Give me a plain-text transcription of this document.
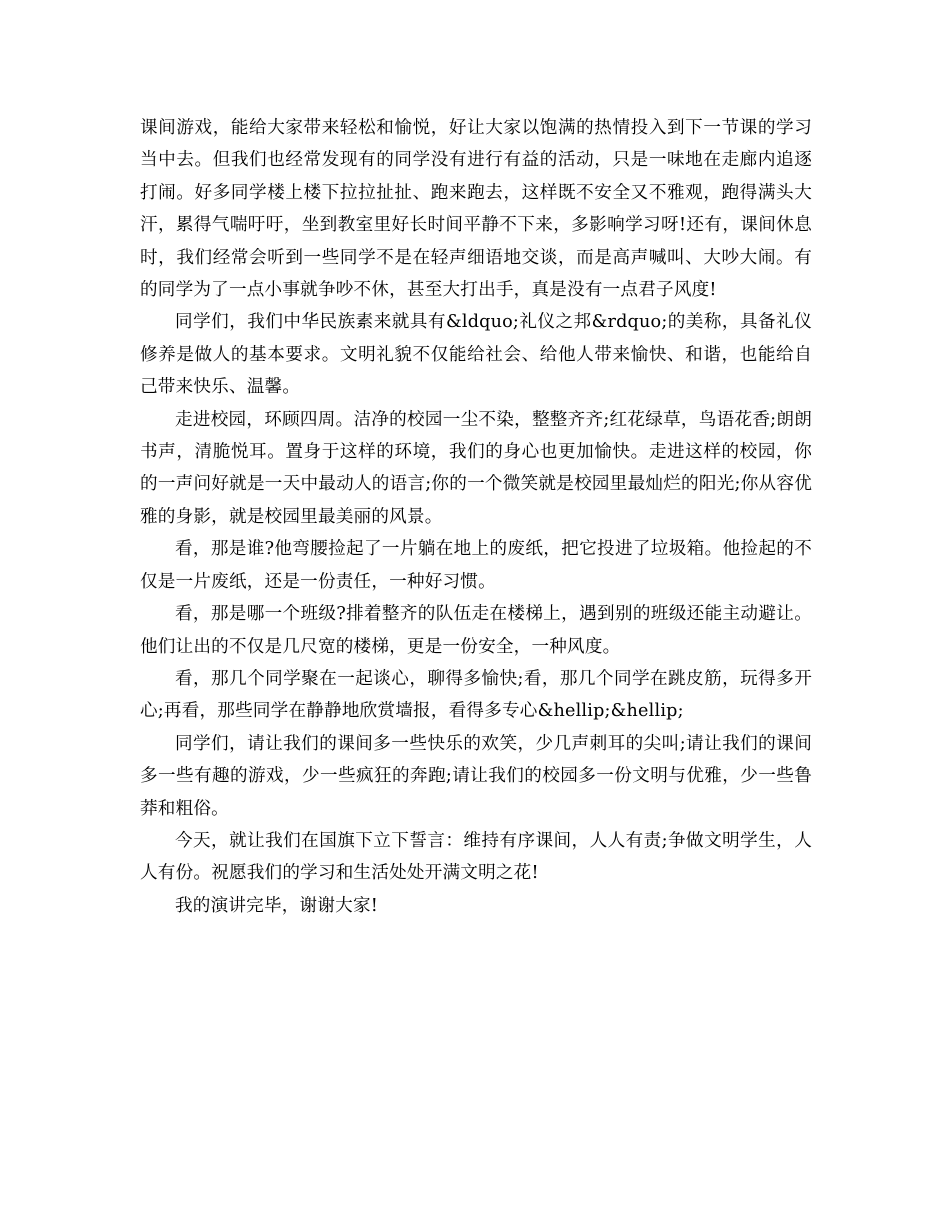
课间游戏，能给大家带来轻松和愉悦，好让大家以饱满的热情投入到下一节课的学习当中去。但我们也经常发现有的同学没有进行有益的活动，只是一味地在走廊内追逐打闹。好多同学楼上楼下拉拉扯扯、跑来跑去，这样既不安全又不雅观，跑得满头大汗，累得气喘吁吁，坐到教室里好长时间平静不下来，多影响学习呀!还有，课间休息时，我们经常会听到一些同学不是在轻声细语地交谈，而是高声喊叫、大吵大闹。有的同学为了一点小事就争吵不休，甚至大打出手，真是没有一点君子风度!

同学们，我们中华民族素来就具有&ldquo;礼仪之邦&rdquo;的美称，具备礼仪修养是做人的基本要求。文明礼貌不仅能给社会、给他人带来愉快、和谐，也能给自己带来快乐、温馨。

走进校园，环顾四周。洁净的校园一尘不染，整整齐齐;红花绿草，鸟语花香;朗朗书声，清脆悦耳。置身于这样的环境，我们的身心也更加愉快。走进这样的校园，你的一声问好就是一天中最动人的语言;你的一个微笑就是校园里最灿烂的阳光;你从容优雅的身影，就是校园里最美丽的风景。

看，那是谁?他弯腰捡起了一片躺在地上的废纸，把它投进了垃圾箱。他捡起的不仅是一片废纸，还是一份责任，一种好习惯。

看，那是哪一个班级?排着整齐的队伍走在楼梯上，遇到别的班级还能主动避让。他们让出的不仅是几尺宽的楼梯，更是一份安全，一种风度。

看，那几个同学聚在一起谈心，聊得多愉快;看，那几个同学在跳皮筋，玩得多开心;再看，那些同学在静静地欣赏墙报，看得多专心&hellip;&hellip;

同学们，请让我们的课间多一些快乐的欢笑，少几声刺耳的尖叫;请让我们的课间多一些有趣的游戏，少一些疯狂的奔跑;请让我们的校园多一份文明与优雅，少一些鲁莽和粗俗。

今天，就让我们在国旗下立下誓言：维持有序课间，人人有责;争做文明学生，人人有份。祝愿我们的学习和生活处处开满文明之花!

我的演讲完毕，谢谢大家!
